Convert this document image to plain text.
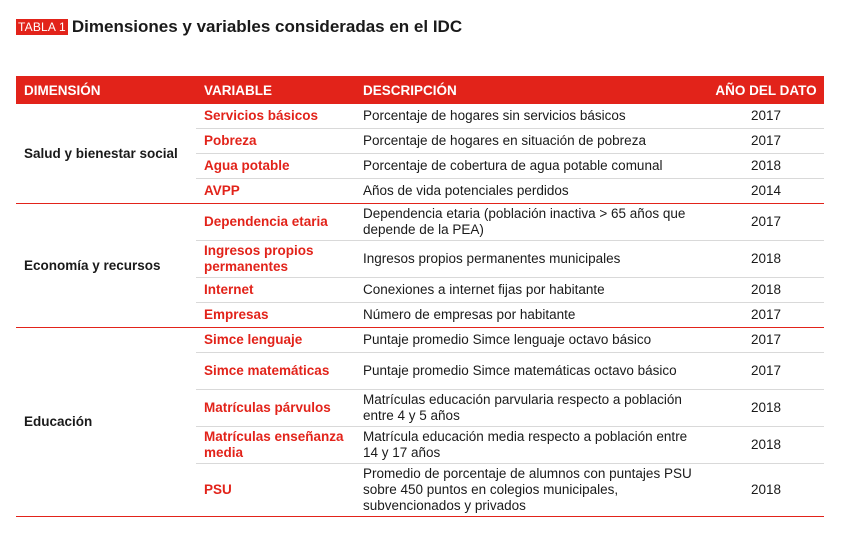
TABLA 1 Dimensiones y variables consideradas en el IDC
DIMENSIÓN	VARIABLE	DESCRIPCIÓN	AÑO DEL DATO
Salud y bienestar social	Servicios básicos	Porcentaje de hogares sin servicios básicos	2017
	Pobreza	Porcentaje de hogares en situación de pobreza	2017
	Agua potable	Porcentaje de cobertura de agua potable comunal	2018
	AVPP	Años de vida potenciales perdidos	2014
Economía y recursos	Dependencia etaria	Dependencia etaria (población inactiva > 65 años que depende de la PEA)	2017
	Ingresos propios permanentes	Ingresos propios permanentes municipales	2018
	Internet	Conexiones a internet fijas por habitante	2018
	Empresas	Número de empresas por habitante	2017
Educación	Simce lenguaje	Puntaje promedio Simce lenguaje octavo básico	2017
	Simce matemáticas	Puntaje promedio Simce matemáticas octavo básico	2017
	Matrículas párvulos	Matrículas educación parvularia respecto a población entre 4 y 5 años	2018
	Matrículas enseñanza media	Matrícula educación media respecto a población entre 14 y 17 años	2018
	PSU	Promedio de porcentaje de alumnos con puntajes PSU sobre 450 puntos en colegios municipales, subvencionados y privados	2018
